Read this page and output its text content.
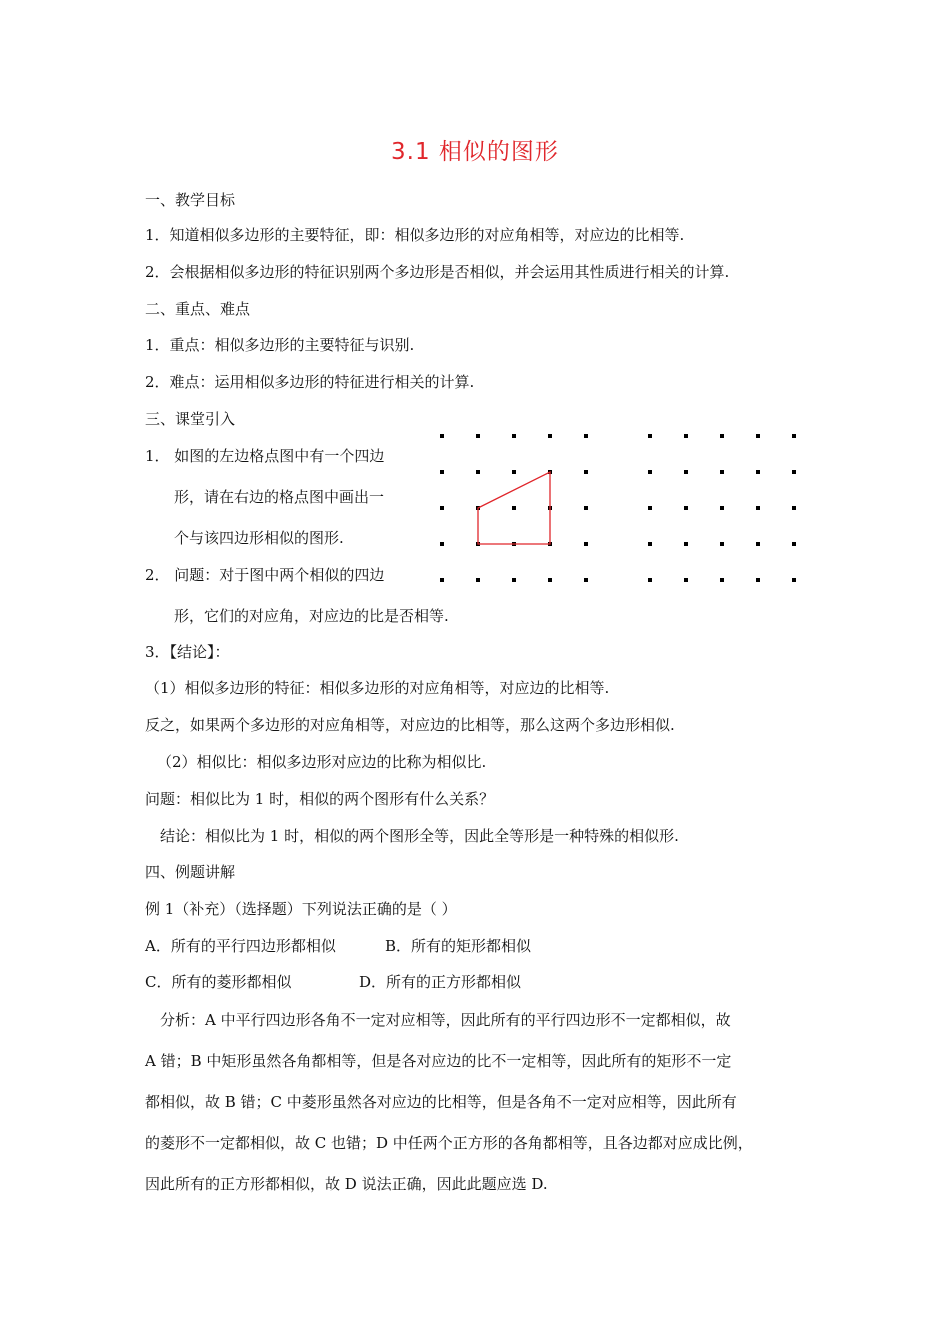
3.1 相似的图形
一、教学目标
1．知道相似多边形的主要特征，即：相似多边形的对应角相等，对应边的比相等.
2．会根据相似多边形的特征识别两个多边形是否相似，并会运用其性质进行相关的计算.
二、重点、难点
1．重点：相似多边形的主要特征与识别.
2．难点：运用相似多边形的特征进行相关的计算.
三、课堂引入
1． 如图的左边格点图中有一个四边
形，请在右边的格点图中画出一
个与该四边形相似的图形.
2． 问题：对于图中两个相似的四边
形，它们的对应角，对应边的比是否相等.
3．【结论】：
（1）相似多边形的特征：相似多边形的对应角相等，对应边的比相等.
反之，如果两个多边形的对应角相等，对应边的比相等，那么这两个多边形相似.
（2）相似比：相似多边形对应边的比称为相似比.
问题：相似比为 1 时，相似的两个图形有什么关系？
结论：相似比为 1 时，相似的两个图形全等，因此全等形是一种特殊的相似形.
四、例题讲解
例 1（补充）（选择题）下列说法正确的是（ ）
A．所有的平行四边形都相似	B．所有的矩形都相似
C．所有的菱形都相似	D．所有的正方形都相似
分析：A 中平行四边形各角不一定对应相等，因此所有的平行四边形不一定都相似，故
A 错；B 中矩形虽然各角都相等，但是各对应边的比不一定相等，因此所有的矩形不一定
都相似，故 B 错；C 中菱形虽然各对应边的比相等，但是各角不一定对应相等，因此所有
的菱形不一定都相似，故 C 也错；D 中任两个正方形的各角都相等，且各边都对应成比例，
因此所有的正方形都相似，故 D 说法正确，因此此题应选 D.
